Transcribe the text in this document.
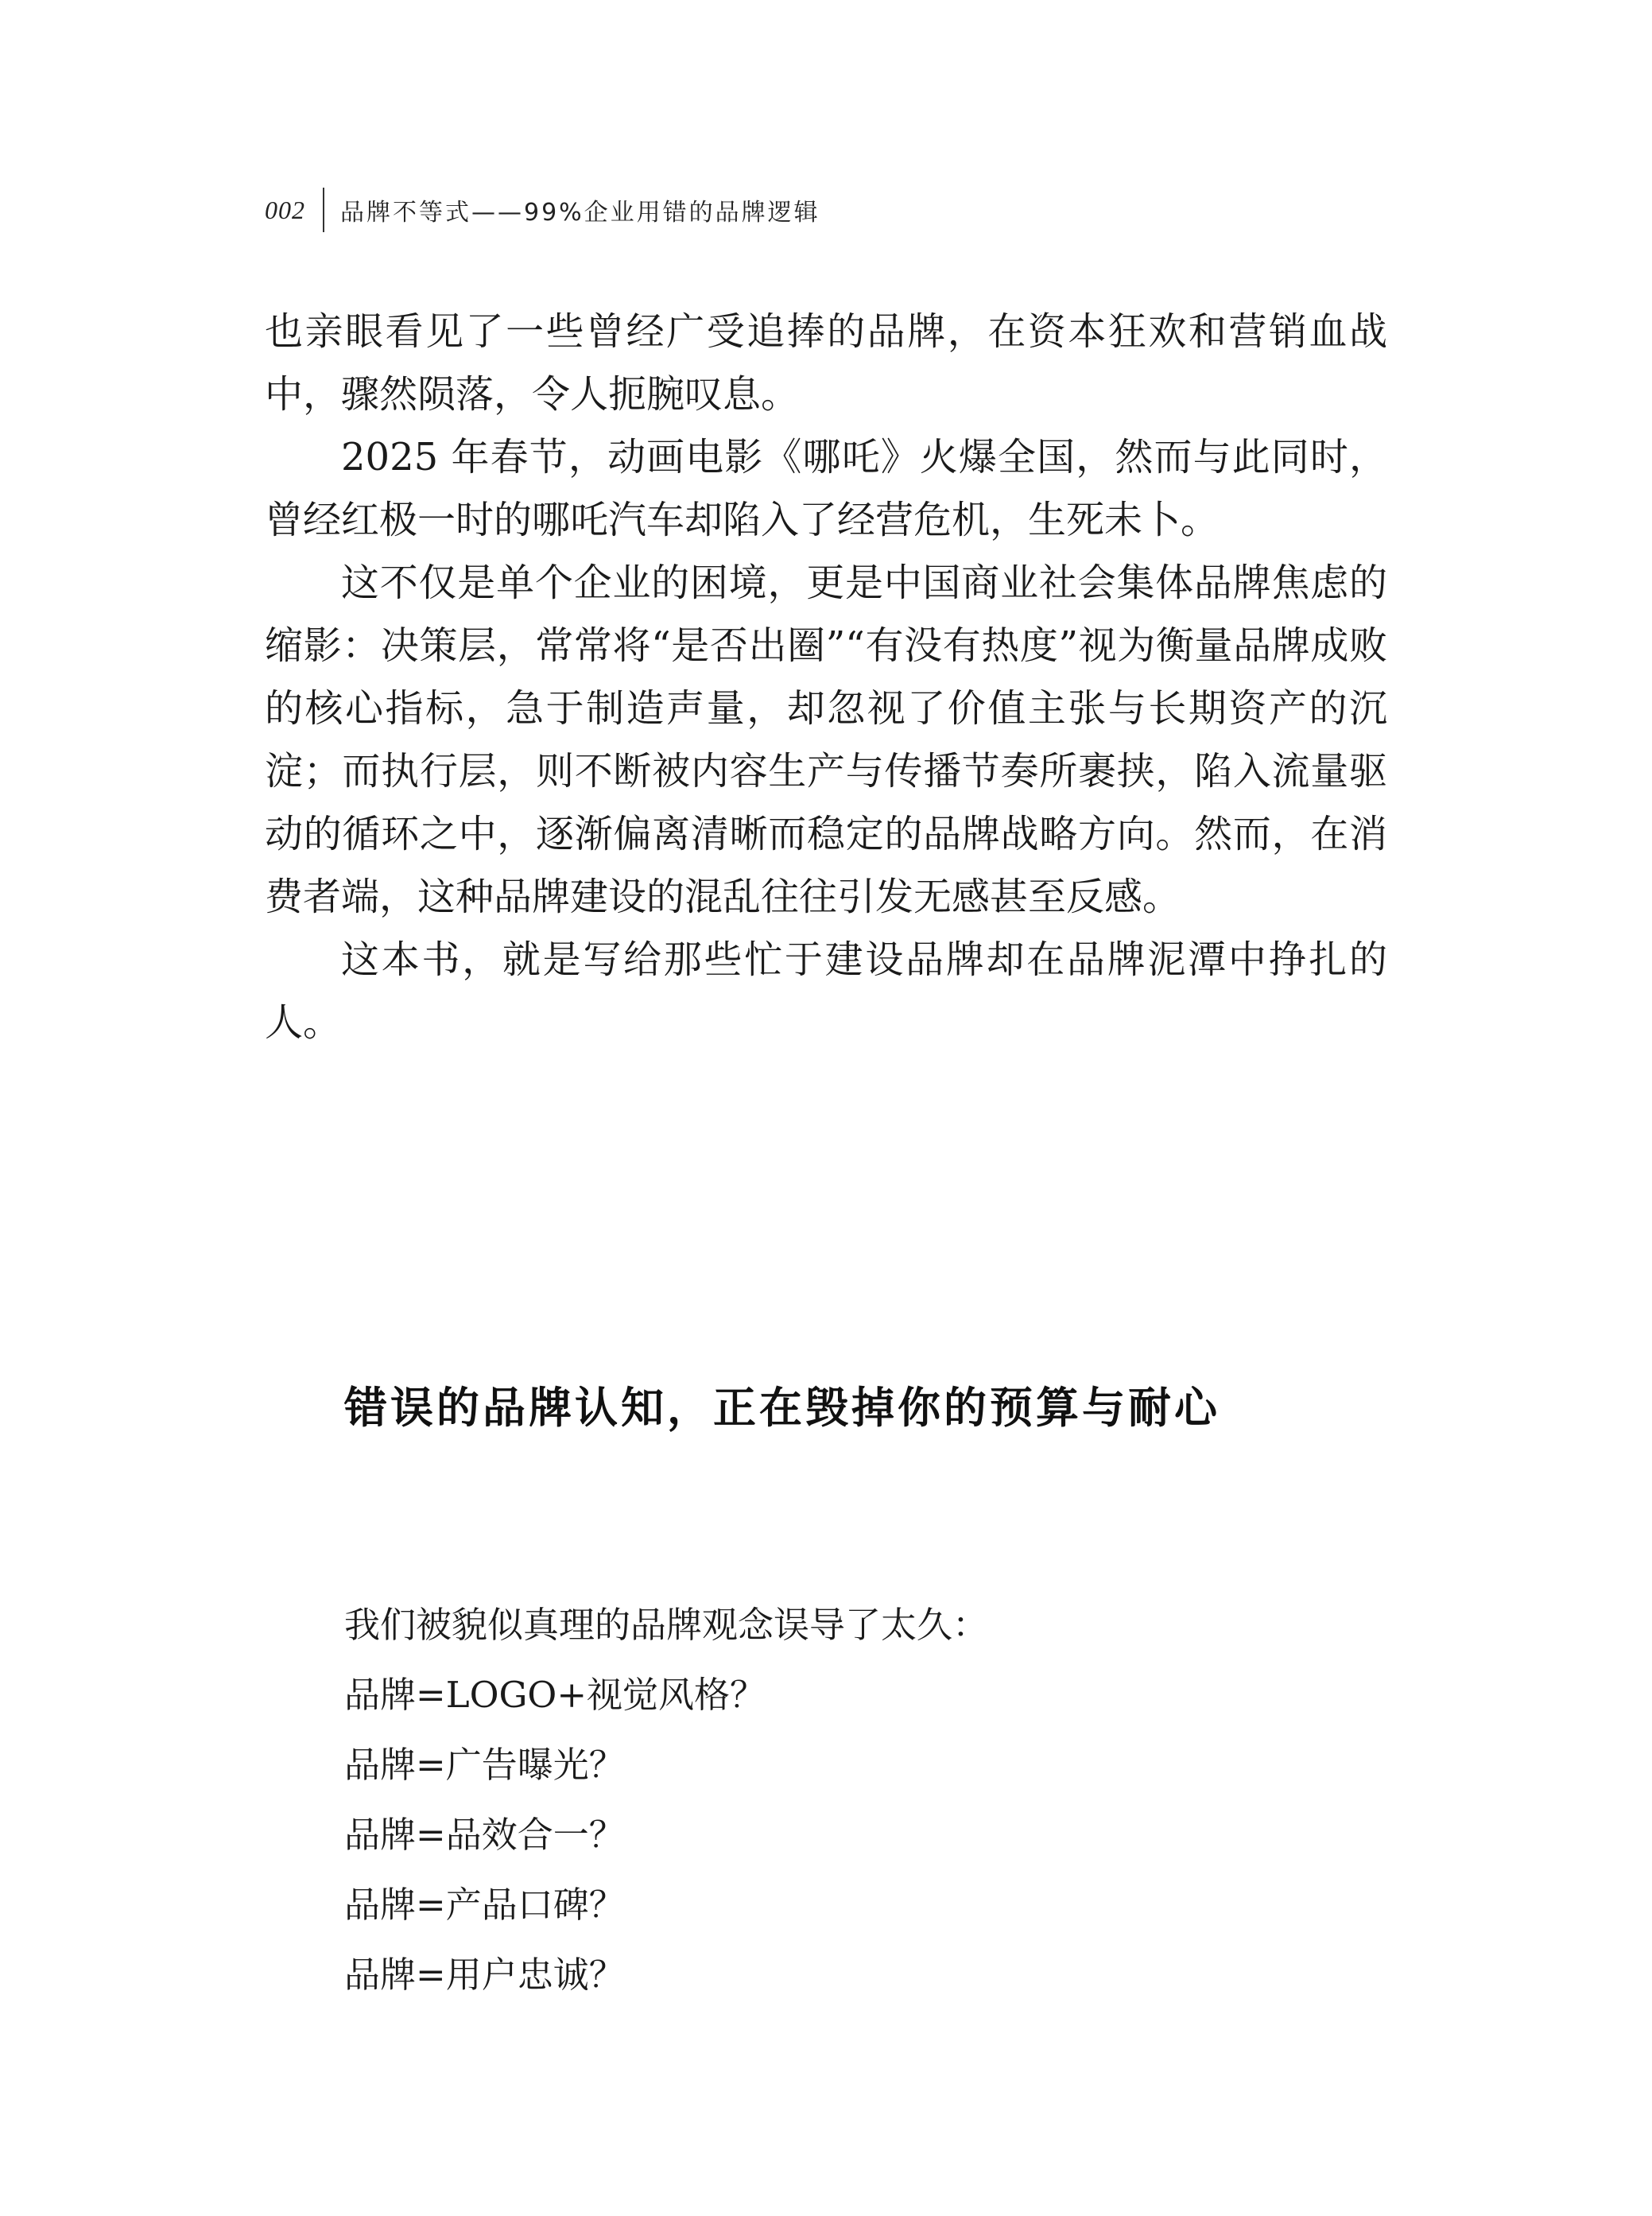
002 品牌不等式——99%企业用错的品牌逻辑

也亲眼看见了一些曾经广受追捧的品牌，在资本狂欢和营销血战中，骤然陨落，令人扼腕叹息。

2025 年春节，动画电影《哪吒》火爆全国，然而与此同时，曾经红极一时的哪吒汽车却陷入了经营危机，生死未卜。

这不仅是单个企业的困境，更是中国商业社会集体品牌焦虑的缩影：决策层，常常将“是否出圈”“有没有热度”视为衡量品牌成败的核心指标，急于制造声量，却忽视了价值主张与长期资产的沉淀；而执行层，则不断被内容生产与传播节奏所裹挟，陷入流量驱动的循环之中，逐渐偏离清晰而稳定的品牌战略方向。然而，在消费者端，这种品牌建设的混乱往往引发无感甚至反感。

这本书，就是写给那些忙于建设品牌却在品牌泥潭中挣扎的人。

错误的品牌认知，正在毁掉你的预算与耐心

我们被貌似真理的品牌观念误导了太久：

品牌=LOGO+视觉风格？
品牌=广告曝光？
品牌=品效合一？
品牌=产品口碑？
品牌=用户忠诚？
